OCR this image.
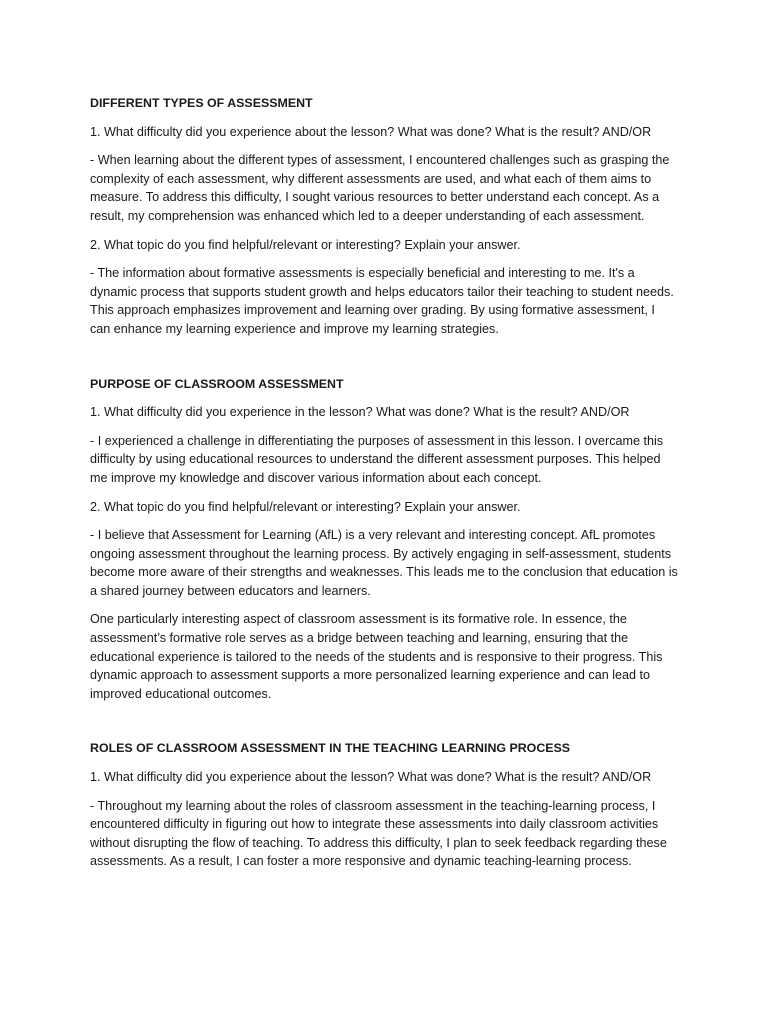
DIFFERENT TYPES OF ASSESSMENT

1. What difficulty did you experience about the lesson? What was done? What is the result? AND/OR

- When learning about the different types of assessment, I encountered challenges such as grasping the complexity of each assessment, why different assessments are used, and what each of them aims to measure. To address this difficulty, I sought various resources to better understand each concept. As a result, my comprehension was enhanced which led to a deeper understanding of each assessment.

2. What topic do you find helpful/relevant or interesting? Explain your answer.

- The information about formative assessments is especially beneficial and interesting to me. It's a dynamic process that supports student growth and helps educators tailor their teaching to student needs. This approach emphasizes improvement and learning over grading. By using formative assessment, I can enhance my learning experience and improve my learning strategies.

PURPOSE OF CLASSROOM ASSESSMENT

1. What difficulty did you experience in the lesson? What was done? What is the result? AND/OR

- I experienced a challenge in differentiating the purposes of assessment in this lesson. I overcame this difficulty by using educational resources to understand the different assessment purposes. This helped me improve my knowledge and discover various information about each concept.

2. What topic do you find helpful/relevant or interesting? Explain your answer.

- I believe that Assessment for Learning (AfL) is a very relevant and interesting concept. AfL promotes ongoing assessment throughout the learning process. By actively engaging in self-assessment, students become more aware of their strengths and weaknesses. This leads me to the conclusion that education is a shared journey between educators and learners.

One particularly interesting aspect of classroom assessment is its formative role. In essence, the assessment’s formative role serves as a bridge between teaching and learning, ensuring that the educational experience is tailored to the needs of the students and is responsive to their progress. This dynamic approach to assessment supports a more personalized learning experience and can lead to improved educational outcomes.

ROLES OF CLASSROOM ASSESSMENT IN THE TEACHING LEARNING PROCESS

1. What difficulty did you experience about the lesson? What was done? What is the result? AND/OR

- Throughout my learning about the roles of classroom assessment in the teaching-learning process, I encountered difficulty in figuring out how to integrate these assessments into daily classroom activities without disrupting the flow of teaching. To address this difficulty, I plan to seek feedback regarding these assessments. As a result, I can foster a more responsive and dynamic teaching-learning process.
